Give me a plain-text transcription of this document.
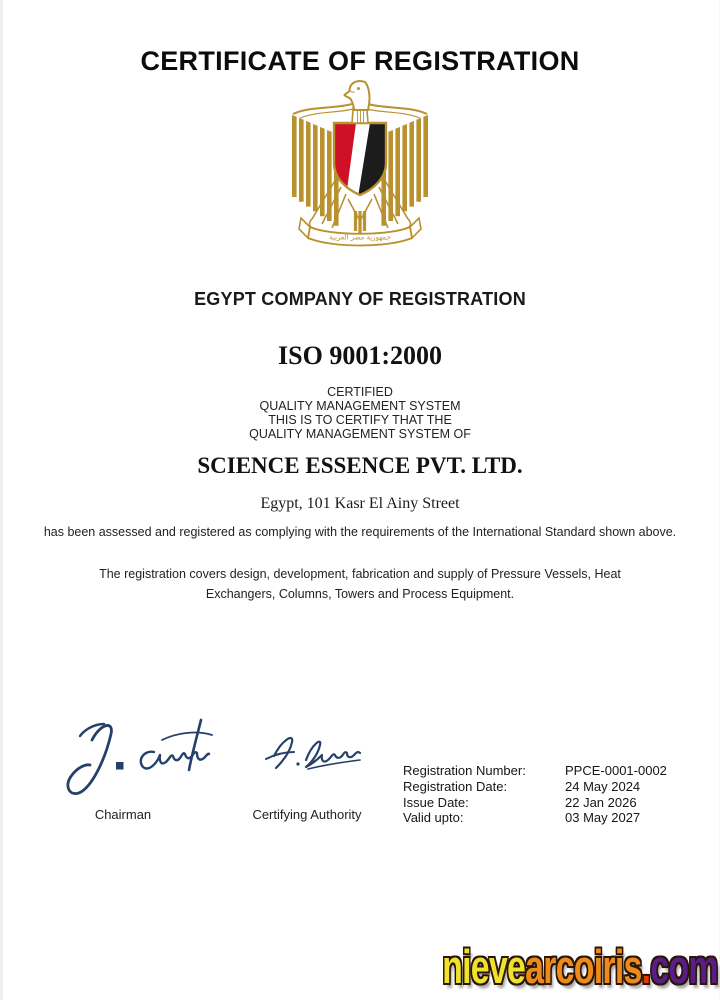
CERTIFICATE OF REGISTRATION
جمهورية مصر العربية
EGYPT COMPANY OF REGISTRATION
ISO 9001:2000
CERTIFIED
QUALITY MANAGEMENT SYSTEM
THIS IS TO CERTIFY THAT THE
QUALITY MANAGEMENT SYSTEM OF
SCIENCE ESSENCE PVT. LTD.
Egypt, 101 Kasr El Ainy Street
has been assessed and registered as complying with the requirements of the International Standard shown above.
The registration covers design, development, fabrication and supply of Pressure Vessels, Heat Exchangers, Columns, Towers and Process Equipment.
Chairman	Certifying Authority
Registration Number:	PPCE-0001-0002
Registration Date:	24 May 2024
Issue Date:	22 Jan 2026
Valid upto:	03 May 2027
nievearcoiris.com
